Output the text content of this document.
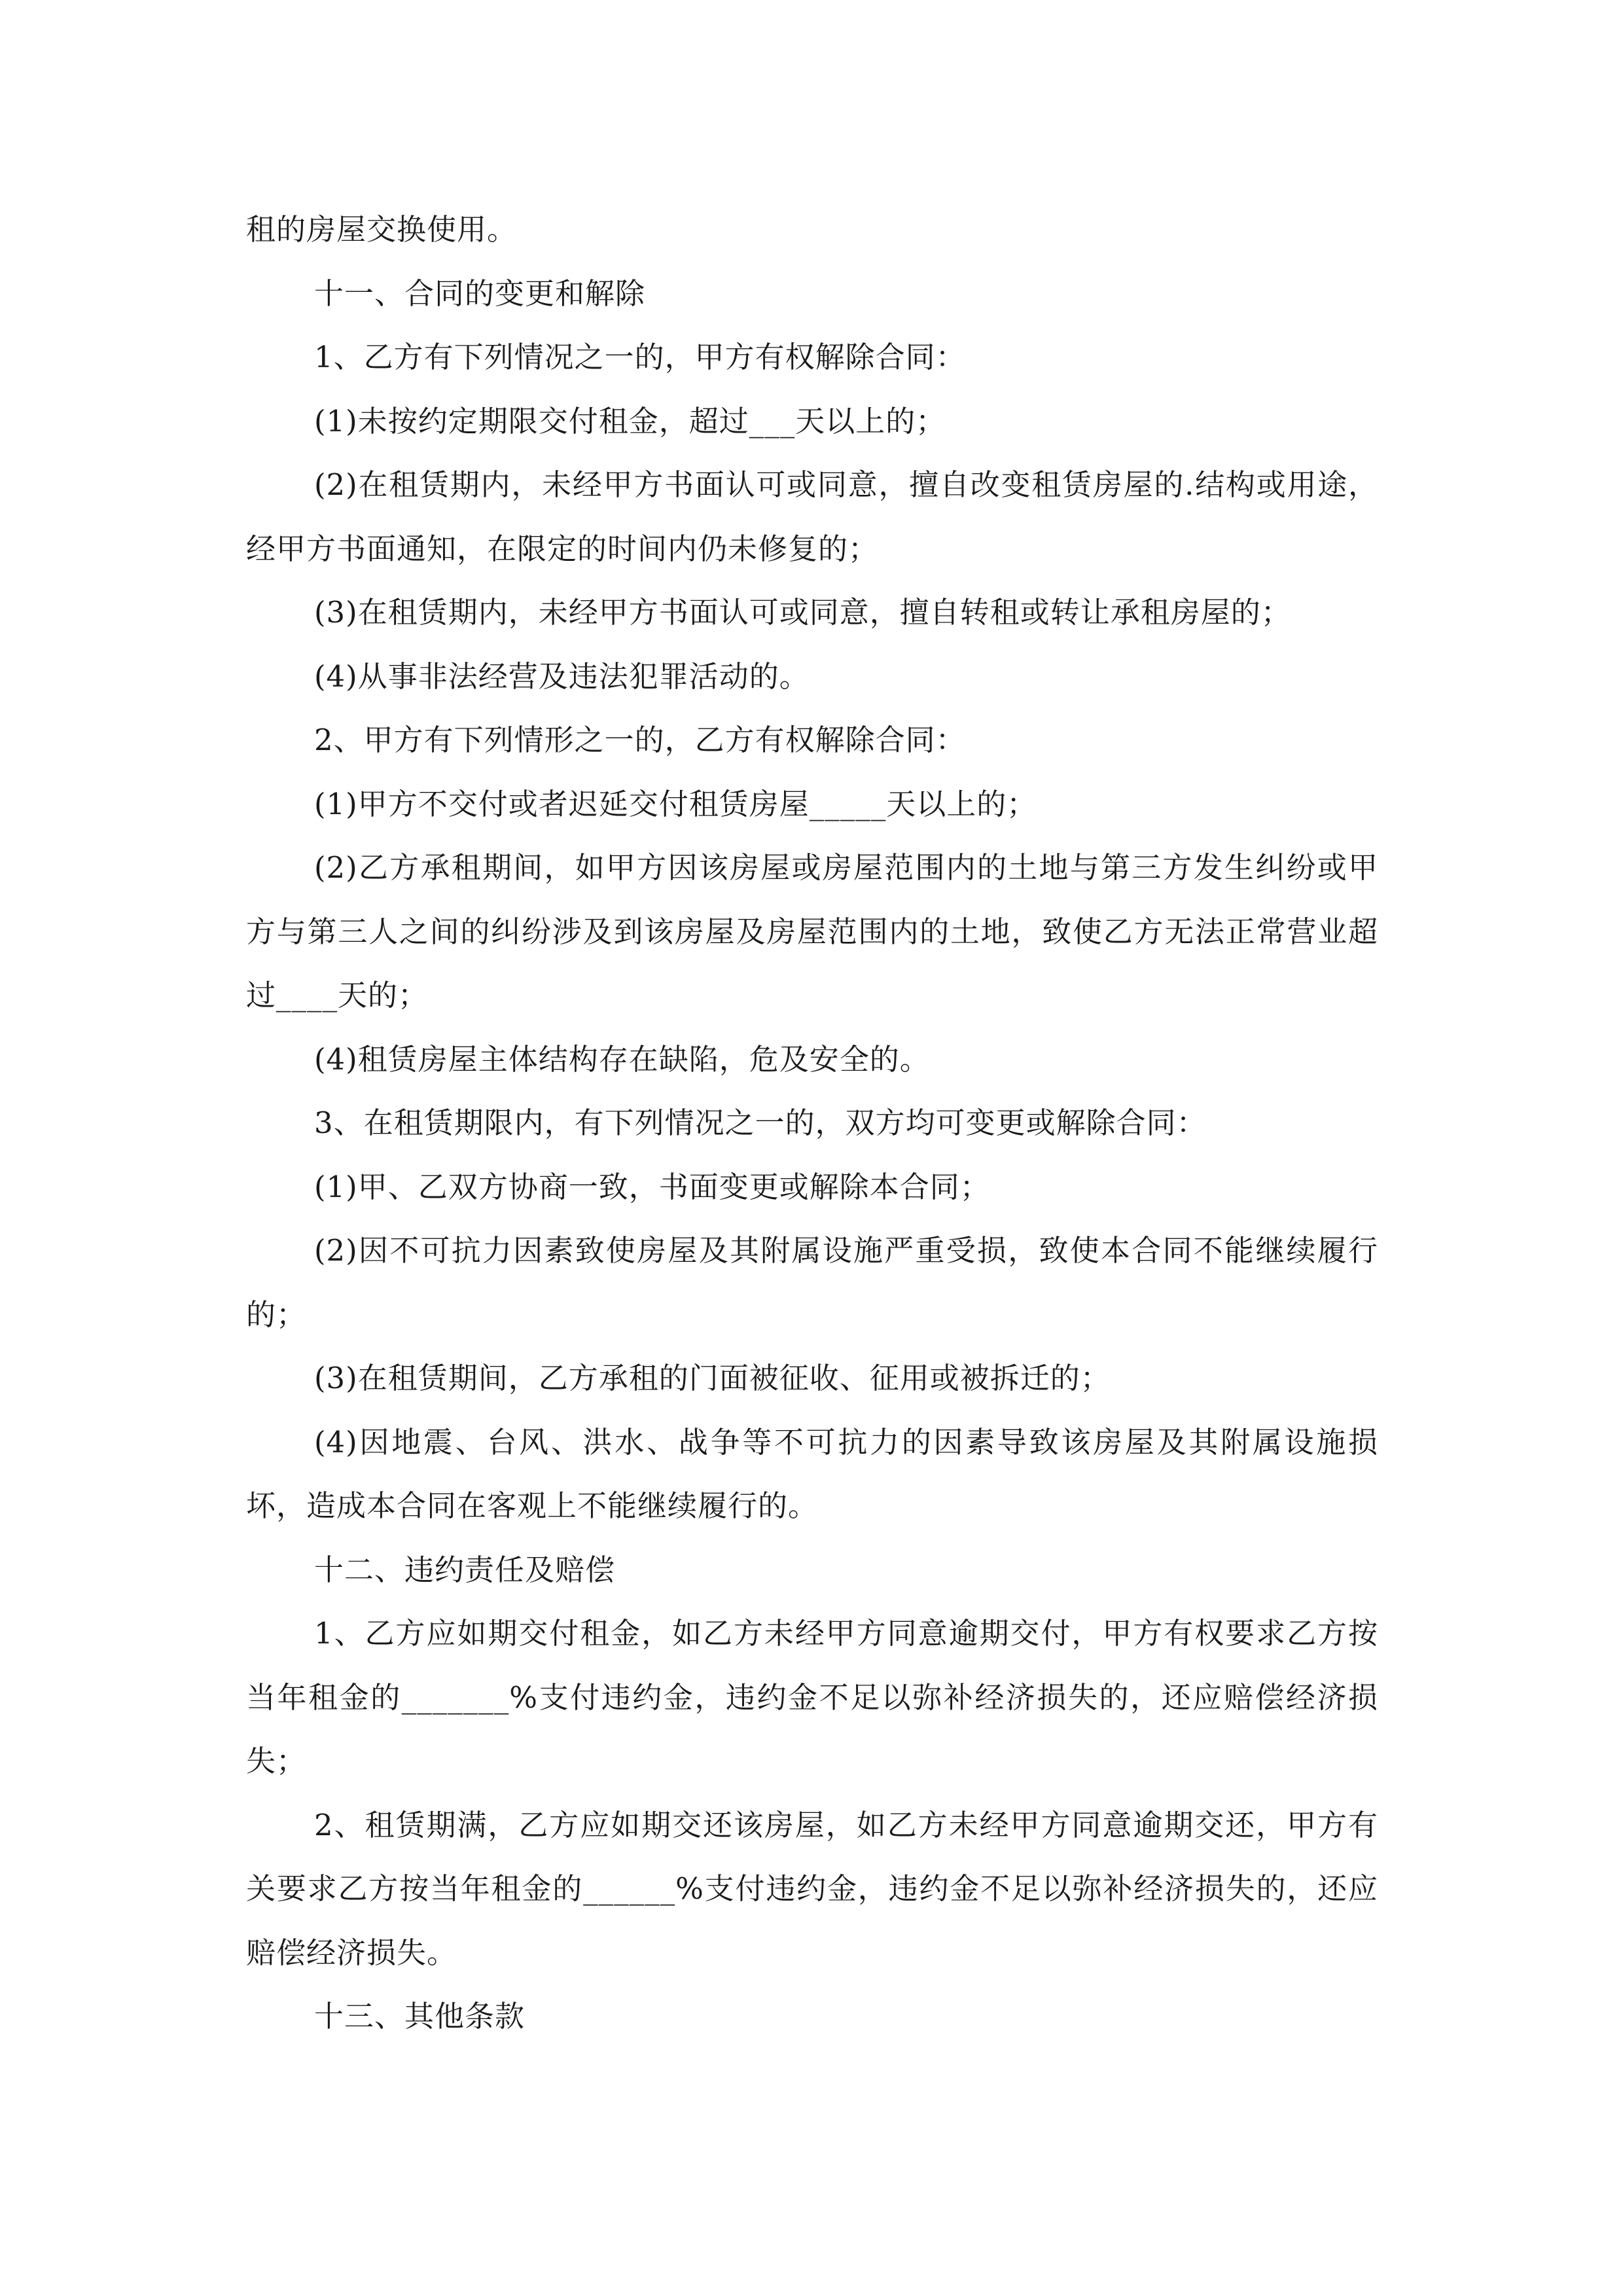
租的房屋交换使用。

十一、合同的变更和解除

1、乙方有下列情况之一的，甲方有权解除合同：

(1)未按约定期限交付租金，超过___天以上的；

(2)在租赁期内，未经甲方书面认可或同意，擅自改变租赁房屋的.结构或用途，经甲方书面通知，在限定的时间内仍未修复的；

(3)在租赁期内，未经甲方书面认可或同意，擅自转租或转让承租房屋的；

(4)从事非法经营及违法犯罪活动的。

2、甲方有下列情形之一的，乙方有权解除合同：

(1)甲方不交付或者迟延交付租赁房屋_____天以上的；

(2)乙方承租期间，如甲方因该房屋或房屋范围内的土地与第三方发生纠纷或甲方与第三人之间的纠纷涉及到该房屋及房屋范围内的土地，致使乙方无法正常营业超过____天的；

(4)租赁房屋主体结构存在缺陷，危及安全的。

3、在租赁期限内，有下列情况之一的，双方均可变更或解除合同：

(1)甲、乙双方协商一致，书面变更或解除本合同；

(2)因不可抗力因素致使房屋及其附属设施严重受损，致使本合同不能继续履行的；

(3)在租赁期间，乙方承租的门面被征收、征用或被拆迁的；

(4)因地震、台风、洪水、战争等不可抗力的因素导致该房屋及其附属设施损坏，造成本合同在客观上不能继续履行的。

十二、违约责任及赔偿

1、乙方应如期交付租金，如乙方未经甲方同意逾期交付，甲方有权要求乙方按当年租金的_______%支付违约金，违约金不足以弥补经济损失的，还应赔偿经济损失；

2、租赁期满，乙方应如期交还该房屋，如乙方未经甲方同意逾期交还，甲方有关要求乙方按当年租金的______%支付违约金，违约金不足以弥补经济损失的，还应赔偿经济损失。

十三、其他条款
